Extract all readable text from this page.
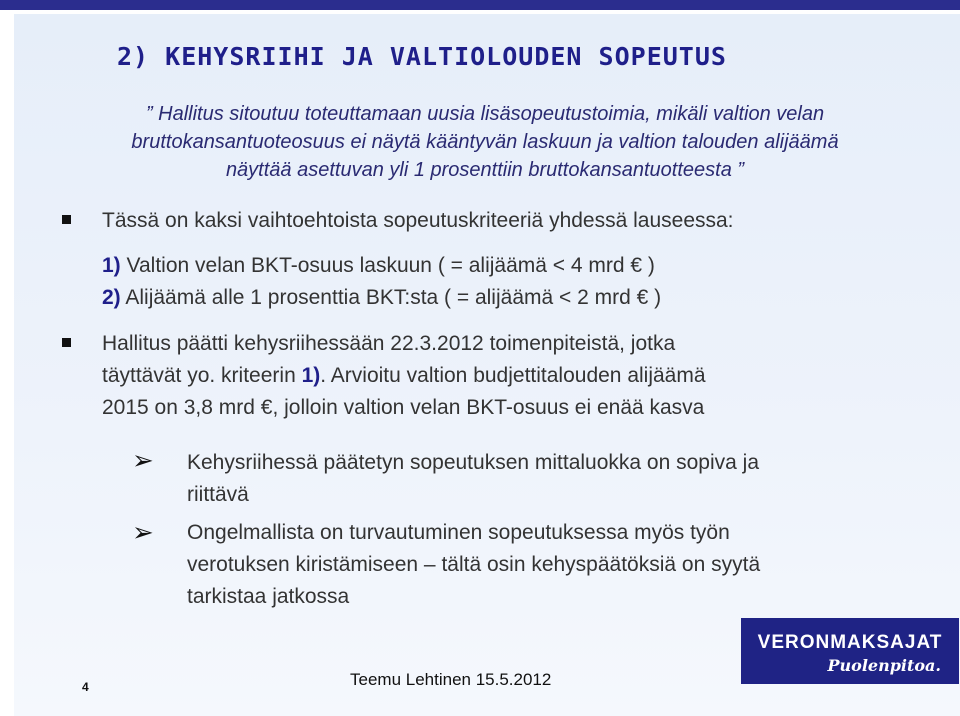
2) KEHYSRIIHI JA VALTIOLOUDEN SOPEUTUS
” Hallitus sitoutuu toteuttamaan uusia lisäsopeutustoimia, mikäli valtion velan
bruttokansantuoteosuus ei näytä kääntyvän laskuun ja valtion talouden alijäämä
näyttää asettuvan yli 1 prosenttiin bruttokansantuotteesta ”
Tässä on kaksi vaihtoehtoista sopeutuskriteeriä yhdessä lauseessa:
1) Valtion velan BKT-osuus laskuun ( = alijäämä < 4 mrd € )
2) Alijäämä alle 1 prosenttia BKT:sta ( = alijäämä < 2 mrd € )
Hallitus päätti kehysriihessään 22.3.2012 toimenpiteistä, jotka
täyttävät yo. kriteerin 1). Arvioitu valtion budjettitalouden alijäämä
2015 on 3,8 mrd €, jolloin valtion velan BKT-osuus ei enää kasva
➢ Kehysriihessä päätetyn sopeutuksen mittaluokka on sopiva ja
riittävä
➢ Ongelmallista on turvautuminen sopeutuksessa myös työn
verotuksen kiristämiseen – tältä osin kehyspäätöksiä on syytä
tarkistaa jatkossa
VERONMAKSAJAT
Puolenpitoa.
Teemu Lehtinen 15.5.2012
4
